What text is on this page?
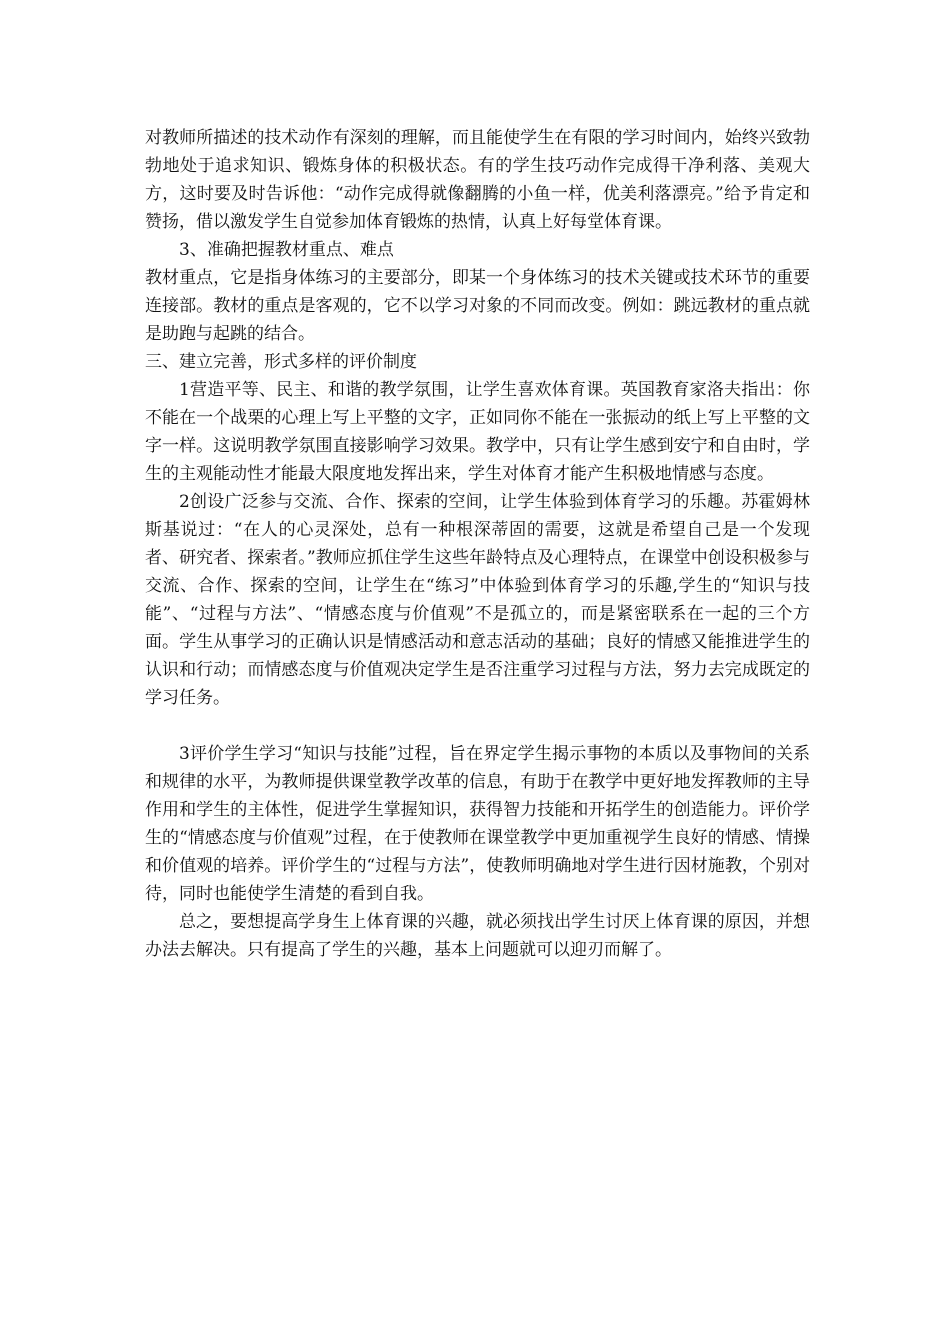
对教师所描述的技术动作有深刻的理解，而且能使学生在有限的学习时间内，始终兴致勃勃地处于追求知识、锻炼身体的积极状态。有的学生技巧动作完成得干净利落、美观大方，这时要及时告诉他：“动作完成得就像翻腾的小鱼一样，优美利落漂亮。”给予肯定和赞扬，借以激发学生自觉参加体育锻炼的热情，认真上好每堂体育课。

3、准确把握教材重点、难点

教材重点，它是指身体练习的主要部分，即某一个身体练习的技术关键或技术环节的重要连接部。教材的重点是客观的，它不以学习对象的不同而改变。例如：跳远教材的重点就是助跑与起跳的结合。

三、建立完善，形式多样的评价制度

1营造平等、民主、和谐的教学氛围，让学生喜欢体育课。英国教育家洛夫指出：你不能在一个战栗的心理上写上平整的文字，正如同你不能在一张振动的纸上写上平整的文字一样。这说明教学氛围直接影响学习效果。教学中，只有让学生感到安宁和自由时，学生的主观能动性才能最大限度地发挥出来，学生对体育才能产生积极地情感与态度。

2创设广泛参与交流、合作、探索的空间，让学生体验到体育学习的乐趣。苏霍姆林斯基说过：“在人的心灵深处，总有一种根深蒂固的需要，这就是希望自己是一个发现者、研究者、探索者。”教师应抓住学生这些年龄特点及心理特点，在课堂中创设积极参与交流、合作、探索的空间，让学生在“练习”中体验到体育学习的乐趣,学生的“知识与技能”、“过程与方法”、“情感态度与价值观”不是孤立的，而是紧密联系在一起的三个方面。学生从事学习的正确认识是情感活动和意志活动的基础；良好的情感又能推进学生的认识和行动；而情感态度与价值观决定学生是否注重学习过程与方法，努力去完成既定的学习任务。

3评价学生学习“知识与技能”过程，旨在界定学生揭示事物的本质以及事物间的关系和规律的水平，为教师提供课堂教学改革的信息，有助于在教学中更好地发挥教师的主导作用和学生的主体性，促进学生掌握知识，获得智力技能和开拓学生的创造能力。评价学生的“情感态度与价值观”过程，在于使教师在课堂教学中更加重视学生良好的情感、情操和价值观的培养。评价学生的“过程与方法”，使教师明确地对学生进行因材施教，个别对待，同时也能使学生清楚的看到自我。

总之，要想提高学身生上体育课的兴趣，就必须找出学生讨厌上体育课的原因，并想办法去解决。只有提高了学生的兴趣，基本上问题就可以迎刃而解了。
